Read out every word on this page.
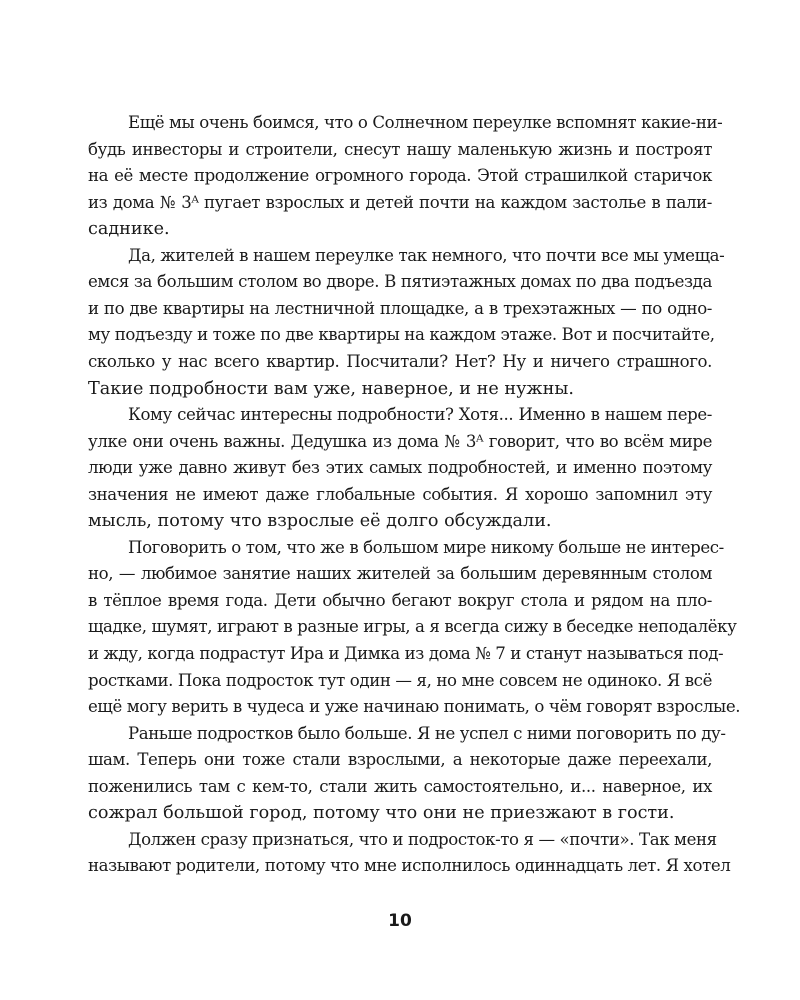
Ещё мы очень боимся, что о Солнечном переулке вспомнят какие-ни-
будь инвесторы и строители, снесут нашу маленькую жизнь и построят
на её месте продолжение огромного города. Этой страшилкой старичок
из дома № 3ᴬ пугает взрослых и детей почти на каждом застолье в пали-
саднике.
Да, жителей в нашем переулке так немного, что почти все мы умеща-
емся за большим столом во дворе. В пятиэтажных домах по два подъезда
и по две квартиры на лестничной площадке, а в трехэтажных — по одно-
му подъезду и тоже по две квартиры на каждом этаже. Вот и посчитайте,
сколько у нас всего квартир. Посчитали? Нет? Ну и ничего страшного.
Такие подробности вам уже, наверное, и не нужны.
Кому сейчас интересны подробности? Хотя... Именно в нашем пере-
улке они очень важны. Дедушка из дома № 3ᴬ говорит, что во всём мире
люди уже давно живут без этих самых подробностей, и именно поэтому
значения не имеют даже глобальные события. Я хорошо запомнил эту
мысль, потому что взрослые её долго обсуждали.
Поговорить о том, что же в большом мире никому больше не интерес-
но, — любимое занятие наших жителей за большим деревянным столом
в тёплое время года. Дети обычно бегают вокруг стола и рядом на пло-
щадке, шумят, играют в разные игры, а я всегда сижу в беседке неподалёку
и жду, когда подрастут Ира и Димка из дома № 7 и станут называться под-
ростками. Пока подросток тут один — я, но мне совсем не одиноко. Я всё
ещё могу верить в чудеса и уже начинаю понимать, о чём говорят взрослые.
Раньше подростков было больше. Я не успел с ними поговорить по ду-
шам. Теперь они тоже стали взрослыми, а некоторые даже переехали,
поженились там с кем-то, стали жить самостоятельно, и... наверное, их
сожрал большой город, потому что они не приезжают в гости.
Должен сразу признаться, что и подросток-то я — «почти». Так меня
называют родители, потому что мне исполнилось одиннадцать лет. Я хотел
10
